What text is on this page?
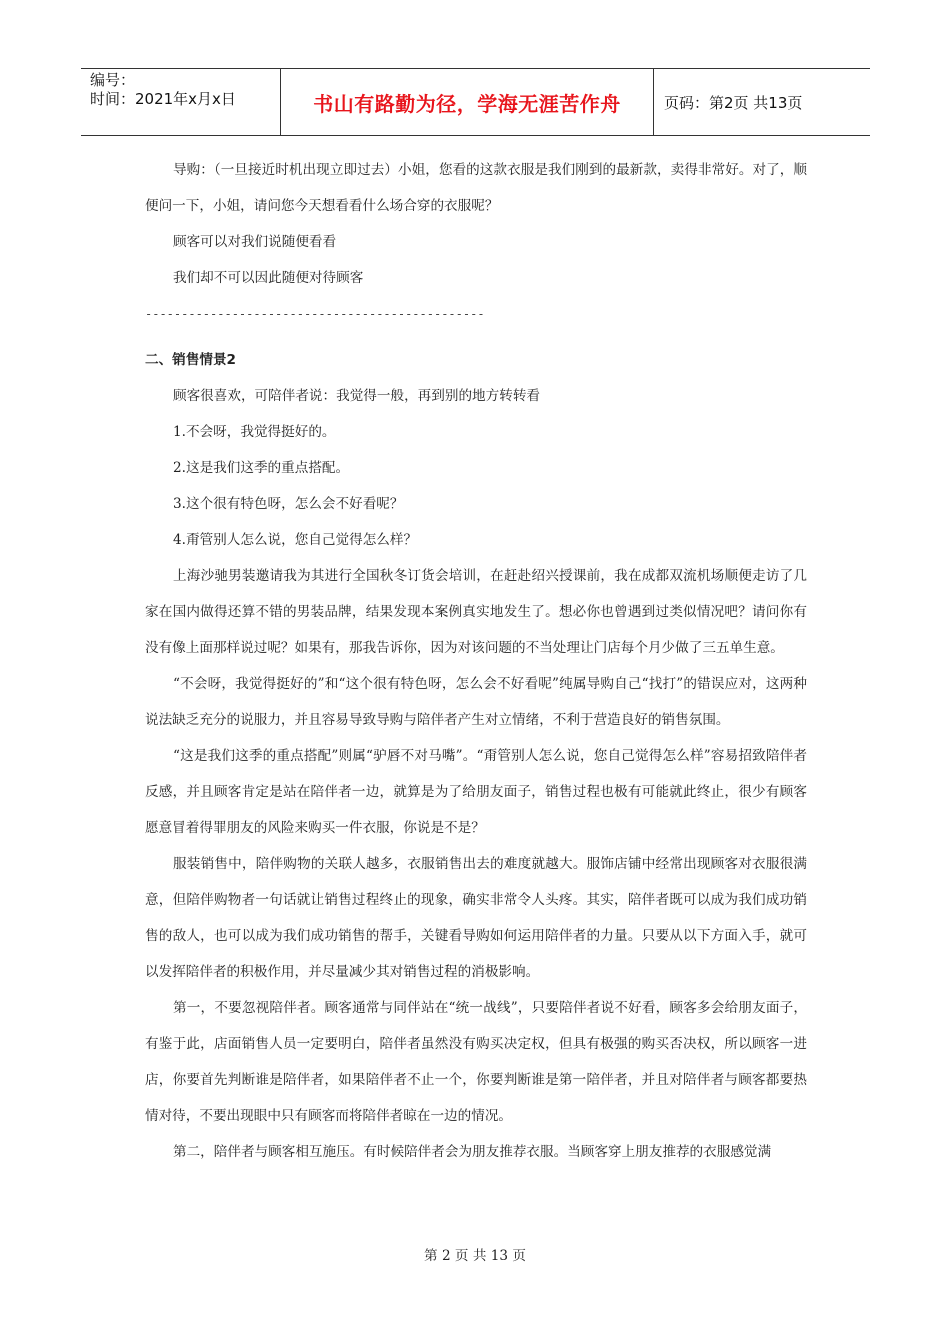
编号：
时间：2021年x月x日	书山有路勤为径，学海无涯苦作舟	页码：第2页 共13页

导购：（一旦接近时机出现立即过去）小姐，您看的这款衣服是我们刚到的最新款，卖得非常好。对了，顺便问一下，小姐，请问您今天想看看什么场合穿的衣服呢？

顾客可以对我们说随便看看

我们却不可以因此随便对待顾客

-----------------------------------------------
二、销售情景2

顾客很喜欢，可陪伴者说：我觉得一般，再到别的地方转转看

1.不会呀，我觉得挺好的。

2.这是我们这季的重点搭配。

3.这个很有特色呀，怎么会不好看呢？

4.甭管别人怎么说，您自己觉得怎么样？

上海沙驰男装邀请我为其进行全国秋冬订货会培训，在赶赴绍兴授课前，我在成都双流机场顺便走访了几家在国内做得还算不错的男装品牌，结果发现本案例真实地发生了。想必你也曾遇到过类似情况吧？请问你有没有像上面那样说过呢？如果有，那我告诉你，因为对该问题的不当处理让门店每个月少做了三五单生意。

“不会呀，我觉得挺好的”和“这个很有特色呀，怎么会不好看呢”纯属导购自己“找打”的错误应对，这两种说法缺乏充分的说服力，并且容易导致导购与陪伴者产生对立情绪，不利于营造良好的销售氛围。

“这是我们这季的重点搭配”则属“驴唇不对马嘴”。“甭管别人怎么说，您自己觉得怎么样”容易招致陪伴者反感，并且顾客肯定是站在陪伴者一边，就算是为了给朋友面子，销售过程也极有可能就此终止，很少有顾客愿意冒着得罪朋友的风险来购买一件衣服，你说是不是？

服装销售中，陪伴购物的关联人越多，衣服销售出去的难度就越大。服饰店铺中经常出现顾客对衣服很满意，但陪伴购物者一句话就让销售过程终止的现象，确实非常令人头疼。其实，陪伴者既可以成为我们成功销售的敌人，也可以成为我们成功销售的帮手，关键看导购如何运用陪伴者的力量。只要从以下方面入手，就可以发挥陪伴者的积极作用，并尽量减少其对销售过程的消极影响。

第一，不要忽视陪伴者。顾客通常与同伴站在“统一战线”，只要陪伴者说不好看，顾客多会给朋友面子，有鉴于此，店面销售人员一定要明白，陪伴者虽然没有购买决定权，但具有极强的购买否决权，所以顾客一进店，你要首先判断谁是陪伴者，如果陪伴者不止一个，你要判断谁是第一陪伴者，并且对陪伴者与顾客都要热情对待，不要出现眼中只有顾客而将陪伴者晾在一边的情况。

第二，陪伴者与顾客相互施压。有时候陪伴者会为朋友推荐衣服。当顾客穿上朋友推荐的衣服感觉满

第 2 页 共 13 页
